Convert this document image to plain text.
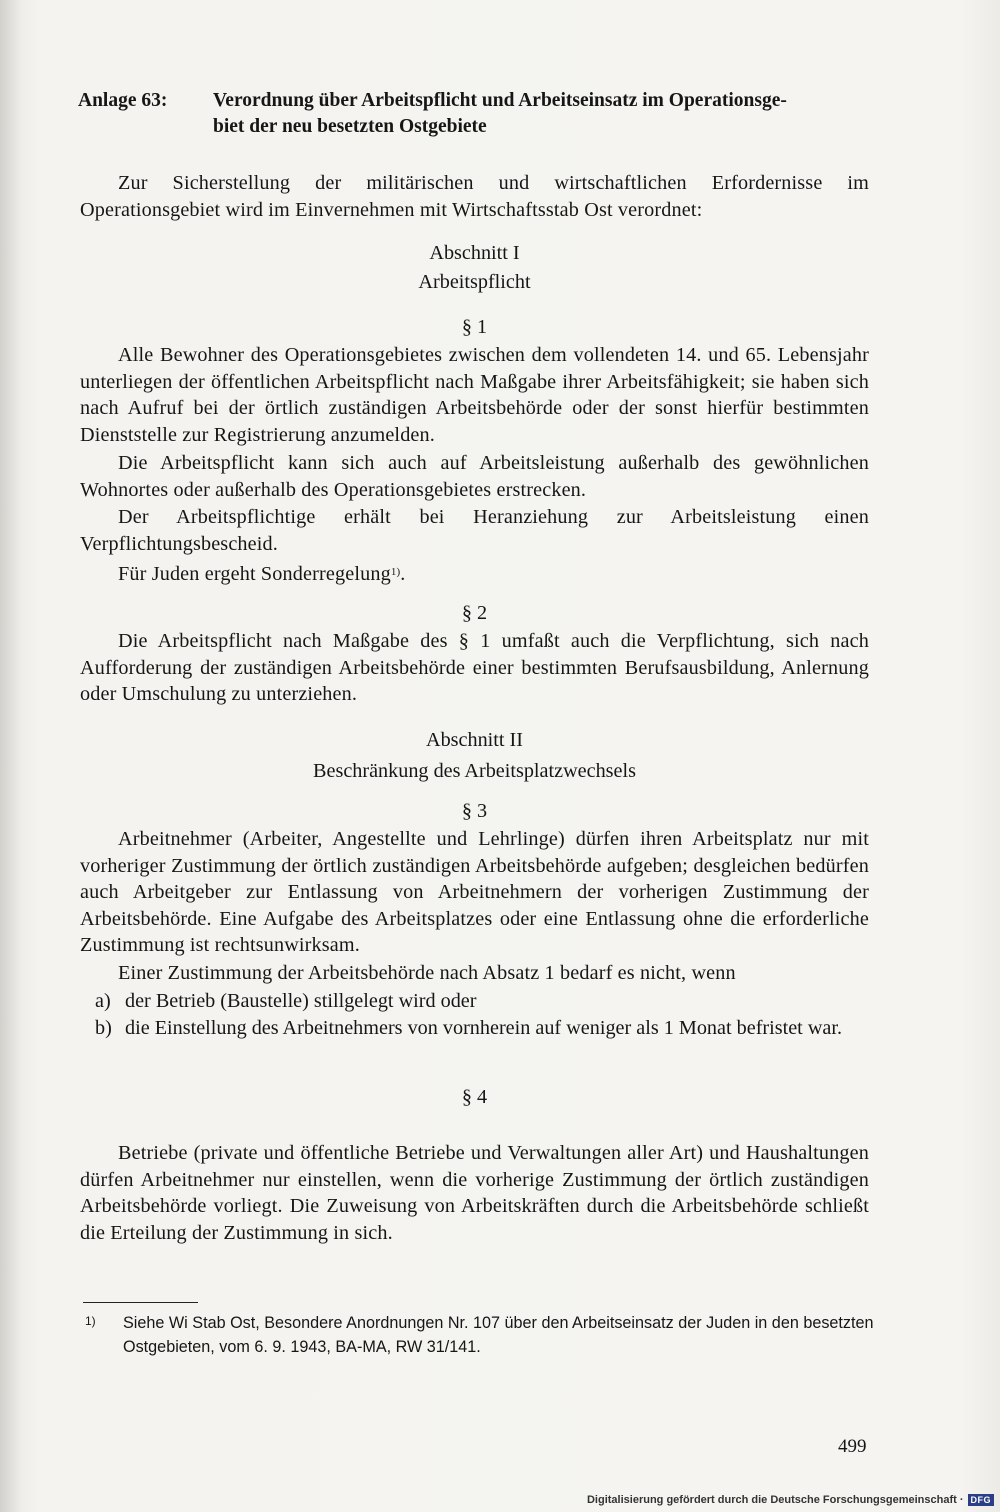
Anlage 63: Verordnung über Arbeitspflicht und Arbeitseinsatz im Operationsge-
biet der neu besetzten Ostgebiete
Zur Sicherstellung der militärischen und wirtschaftlichen Erfordernisse im Operationsgebiet wird im Einvernehmen mit Wirtschaftsstab Ost verordnet:
Abschnitt I
Arbeitspflicht
§ 1
Alle Bewohner des Operationsgebietes zwischen dem vollendeten 14. und 65. Lebensjahr unterliegen der öffentlichen Arbeitspflicht nach Maßgabe ihrer Arbeitsfähigkeit; sie haben sich nach Aufruf bei der örtlich zuständigen Arbeitsbehörde oder der sonst hierfür bestimmten Dienststelle zur Registrierung anzumelden.
Die Arbeitspflicht kann sich auch auf Arbeitsleistung außerhalb des gewöhnlichen Wohnortes oder außerhalb des Operationsgebietes erstrecken.
Der Arbeitspflichtige erhält bei Heranziehung zur Arbeitsleistung einen Verpflichtungsbescheid.
Für Juden ergeht Sonderregelung$^{1)}$.
§ 2
Die Arbeitspflicht nach Maßgabe des § 1 umfaßt auch die Verpflichtung, sich nach Aufforderung der zuständigen Arbeitsbehörde einer bestimmten Berufsausbildung, Anlernung oder Umschulung zu unterziehen.
Abschnitt II
Beschränkung des Arbeitsplatzwechsels
§ 3
Arbeitnehmer (Arbeiter, Angestellte und Lehrlinge) dürfen ihren Arbeitsplatz nur mit vorheriger Zustimmung der örtlich zuständigen Arbeitsbehörde aufgeben; desgleichen bedürfen auch Arbeitgeber zur Entlassung von Arbeitnehmern der vorherigen Zustimmung der Arbeitsbehörde. Eine Aufgabe des Arbeitsplatzes oder eine Entlassung ohne die erforderliche Zustimmung ist rechtsunwirksam.
Einer Zustimmung der Arbeitsbehörde nach Absatz 1 bedarf es nicht, wenn
a) der Betrieb (Baustelle) stillgelegt wird oder
b) die Einstellung des Arbeitnehmers von vornherein auf weniger als 1 Monat befristet war.
§ 4
Betriebe (private und öffentliche Betriebe und Verwaltungen aller Art) und Haushaltungen dürfen Arbeitnehmer nur einstellen, wenn die vorherige Zustimmung der örtlich zuständigen Arbeitsbehörde vorliegt. Die Zuweisung von Arbeitskräften durch die Arbeitsbehörde schließt die Erteilung der Zustimmung in sich.
1) Siehe Wi Stab Ost, Besondere Anordnungen Nr. 107 über den Arbeitseinsatz der Juden in den besetzten Ostgebieten, vom 6. 9. 1943, BA-MA, RW 31/141.
499
Digitalisierung gefördert durch die Deutsche Forschungsgemeinschaft · DFG
